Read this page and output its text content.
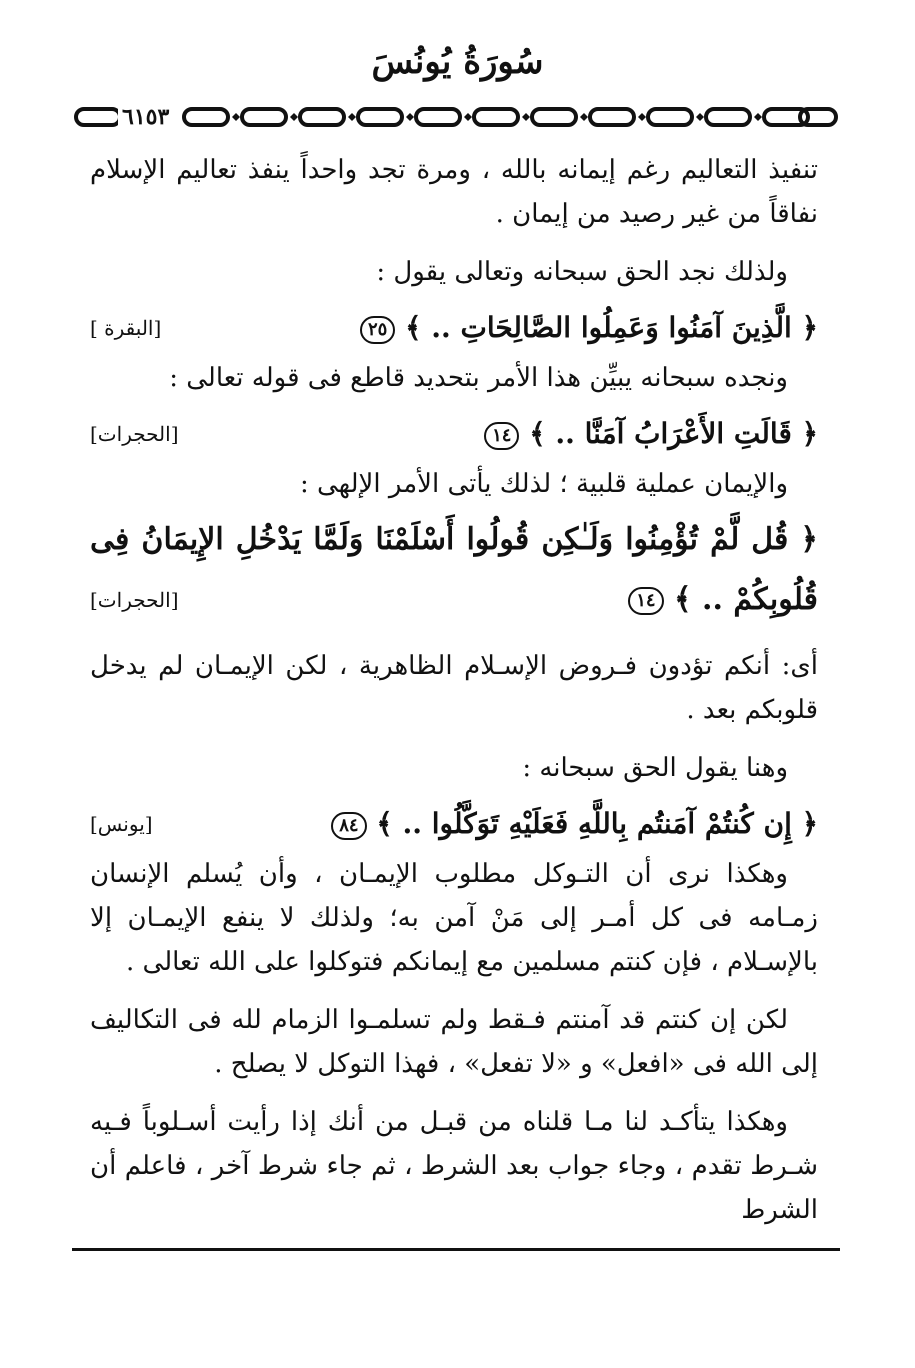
سُورَةُ يُونُسَ
٦١٥٣

تنفيذ التعاليم رغم إيمانه بالله ، ومرة تجد واحداً ينفذ تعاليم الإسلام نفاقاً من غير رصيد من إيمان .

ولذلك نجد الحق سبحانه وتعالى يقول :

﴿ الَّذِينَ آمَنُوا وَعَمِلُوا الصَّالِحَاتِ .. ﴾ ٢٥
[البقرة ]

ونجده سبحانه يبيِّن هذا الأمر بتحديد قاطع فى قوله تعالى :

﴿ قَالَتِ الأَعْرَابُ آمَنَّا .. ﴾ ١٤
[الحجرات]

والإيمان عملية قلبية ؛ لذلك يأتى الأمر الإلهى :

﴿ قُل لَّمْ تُؤْمِنُوا وَلَـٰكِن قُولُوا أَسْلَمْنَا وَلَمَّا يَدْخُلِ الإِيمَانُ فِى قُلُوبِكُمْ .. ﴾ ١٤
[الحجرات]

أى: أنكم تؤدون فـروض الإسـلام الظاهرية ، لكن الإيمـان لم يدخل قلوبكم بعد .

وهنا يقول الحق سبحانه :

﴿ إِن كُنتُمْ آمَنتُم بِاللَّهِ فَعَلَيْهِ تَوَكَّلُوا .. ﴾ ٨٤
[يونس]

وهكذا نرى أن التـوكل مطلوب الإيمـان ، وأن يُسلم الإنسان زمـامه فى كل أمـر إلى مَنْ آمن به؛ ولذلك لا ينفع الإيمـان إلا بالإسـلام ، فإن كنتم مسلمين مع إيمانكم فتوكلوا على الله تعالى .

لكن إن كنتم قد آمنتم فـقط ولم تسلمـوا الزمام لله فى التكاليف إلى الله فى «افعل» و «لا تفعل» ، فهذا التوكل لا يصلح .

وهكذا يتأكـد لنا مـا قلناه من قبـل من أنك إذا رأيت أسـلوباً فـيه شـرط تقدم ، وجاء جواب بعد الشرط ، ثم جاء شرط آخر ، فاعلم أن الشرط
